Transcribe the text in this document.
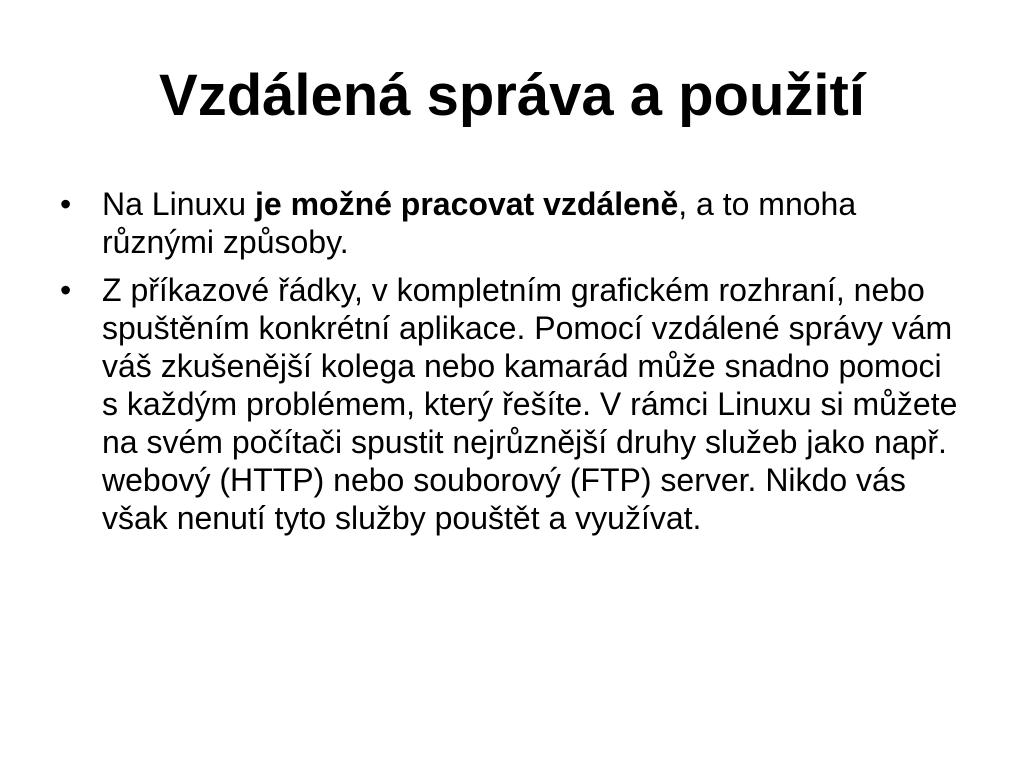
Vzdálená správa a použití
• Na Linuxu je možné pracovat vzdáleně, a to mnoha různými způsoby.
• Z příkazové řádky, v kompletním grafickém rozhraní, nebo spuštěním konkrétní aplikace. Pomocí vzdálené správy vám váš zkušenější kolega nebo kamarád může snadno pomoci s každým problémem, který řešíte. V rámci Linuxu si můžete na svém počítači spustit nejrůznější druhy služeb jako např. webový (HTTP) nebo souborový (FTP) server. Nikdo vás však nenutí tyto služby pouštět a využívat.
